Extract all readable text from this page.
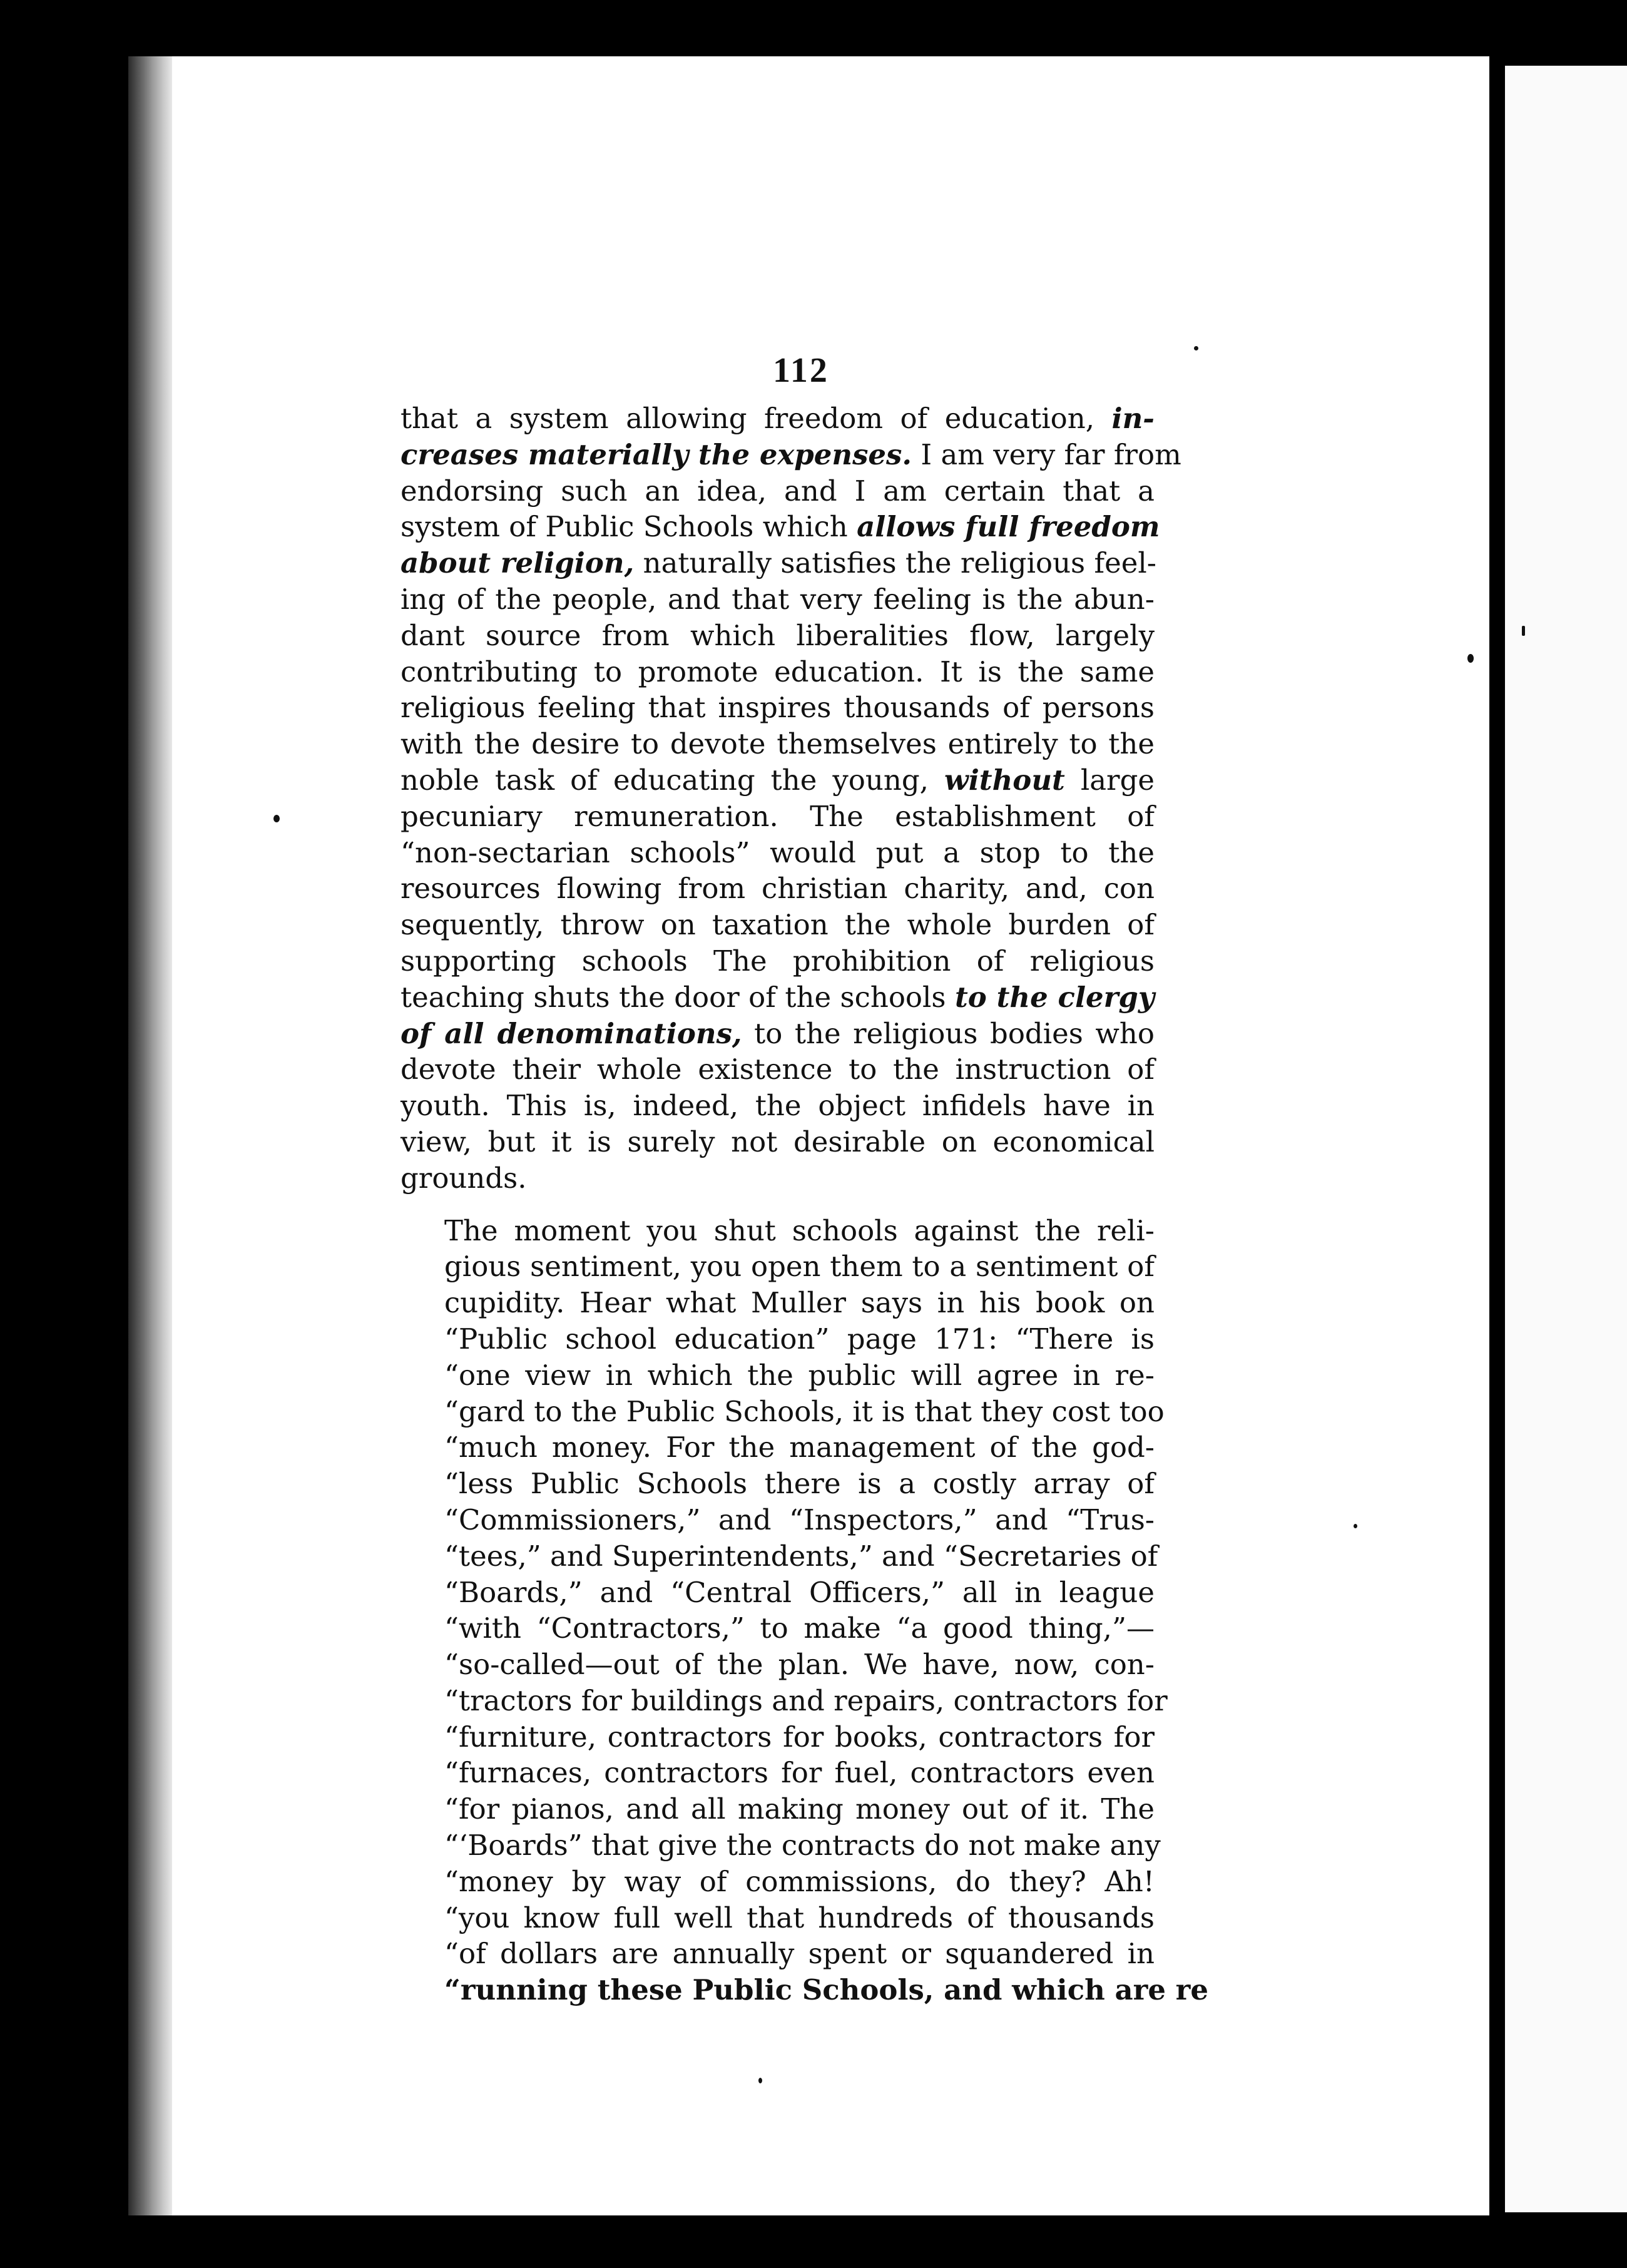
112
that a system allowing freedom of education, in-
creases materially the expenses. I am very far from
endorsing such an idea, and I am certain that a
system of Public Schools which allows full freedom
about religion, naturally satisfies the religious feel-
ing of the people, and that very feeling is the abun-
dant source from which liberalities flow, largely
contributing to promote education. It is the same
religious feeling that inspires thousands of persons
with the desire to devote themselves entirely to the
noble task of educating the young, without large
pecuniary remuneration. The establishment of
“non-sectarian schools” would put a stop to the
resources flowing from christian charity, and, con
sequently, throw on taxation the whole burden of
supporting schools The prohibition of religious
teaching shuts the door of the schools to the clergy
of all denominations, to the religious bodies who
devote their whole existence to the instruction of
youth. This is, indeed, the object infidels have in
view, but it is surely not desirable on economical
grounds.
The moment you shut schools against the reli-
gious sentiment, you open them to a sentiment of
cupidity. Hear what Muller says in his book on
“Public school education” page 171: “There is
“one view in which the public will agree in re-
“gard to the Public Schools, it is that they cost too
“much money. For the management of the god-
“less Public Schools there is a costly array of
“Commissioners,” and “Inspectors,” and “Trus-
“tees,” and Superintendents,” and “Secretaries of
“Boards,” and “Central Officers,” all in league
“with “Contractors,” to make “a good thing,”—
“so-called—out of the plan. We have, now, con-
“tractors for buildings and repairs, contractors for
“furniture, contractors for books, contractors for
“furnaces, contractors for fuel, contractors even
“for pianos, and all making money out of it. The
“‘Boards” that give the contracts do not make any
“money by way of commissions, do they? Ah!
“you know full well that hundreds of thousands
“of dollars are annually spent or squandered in
“running these Public Schools, and which are re
